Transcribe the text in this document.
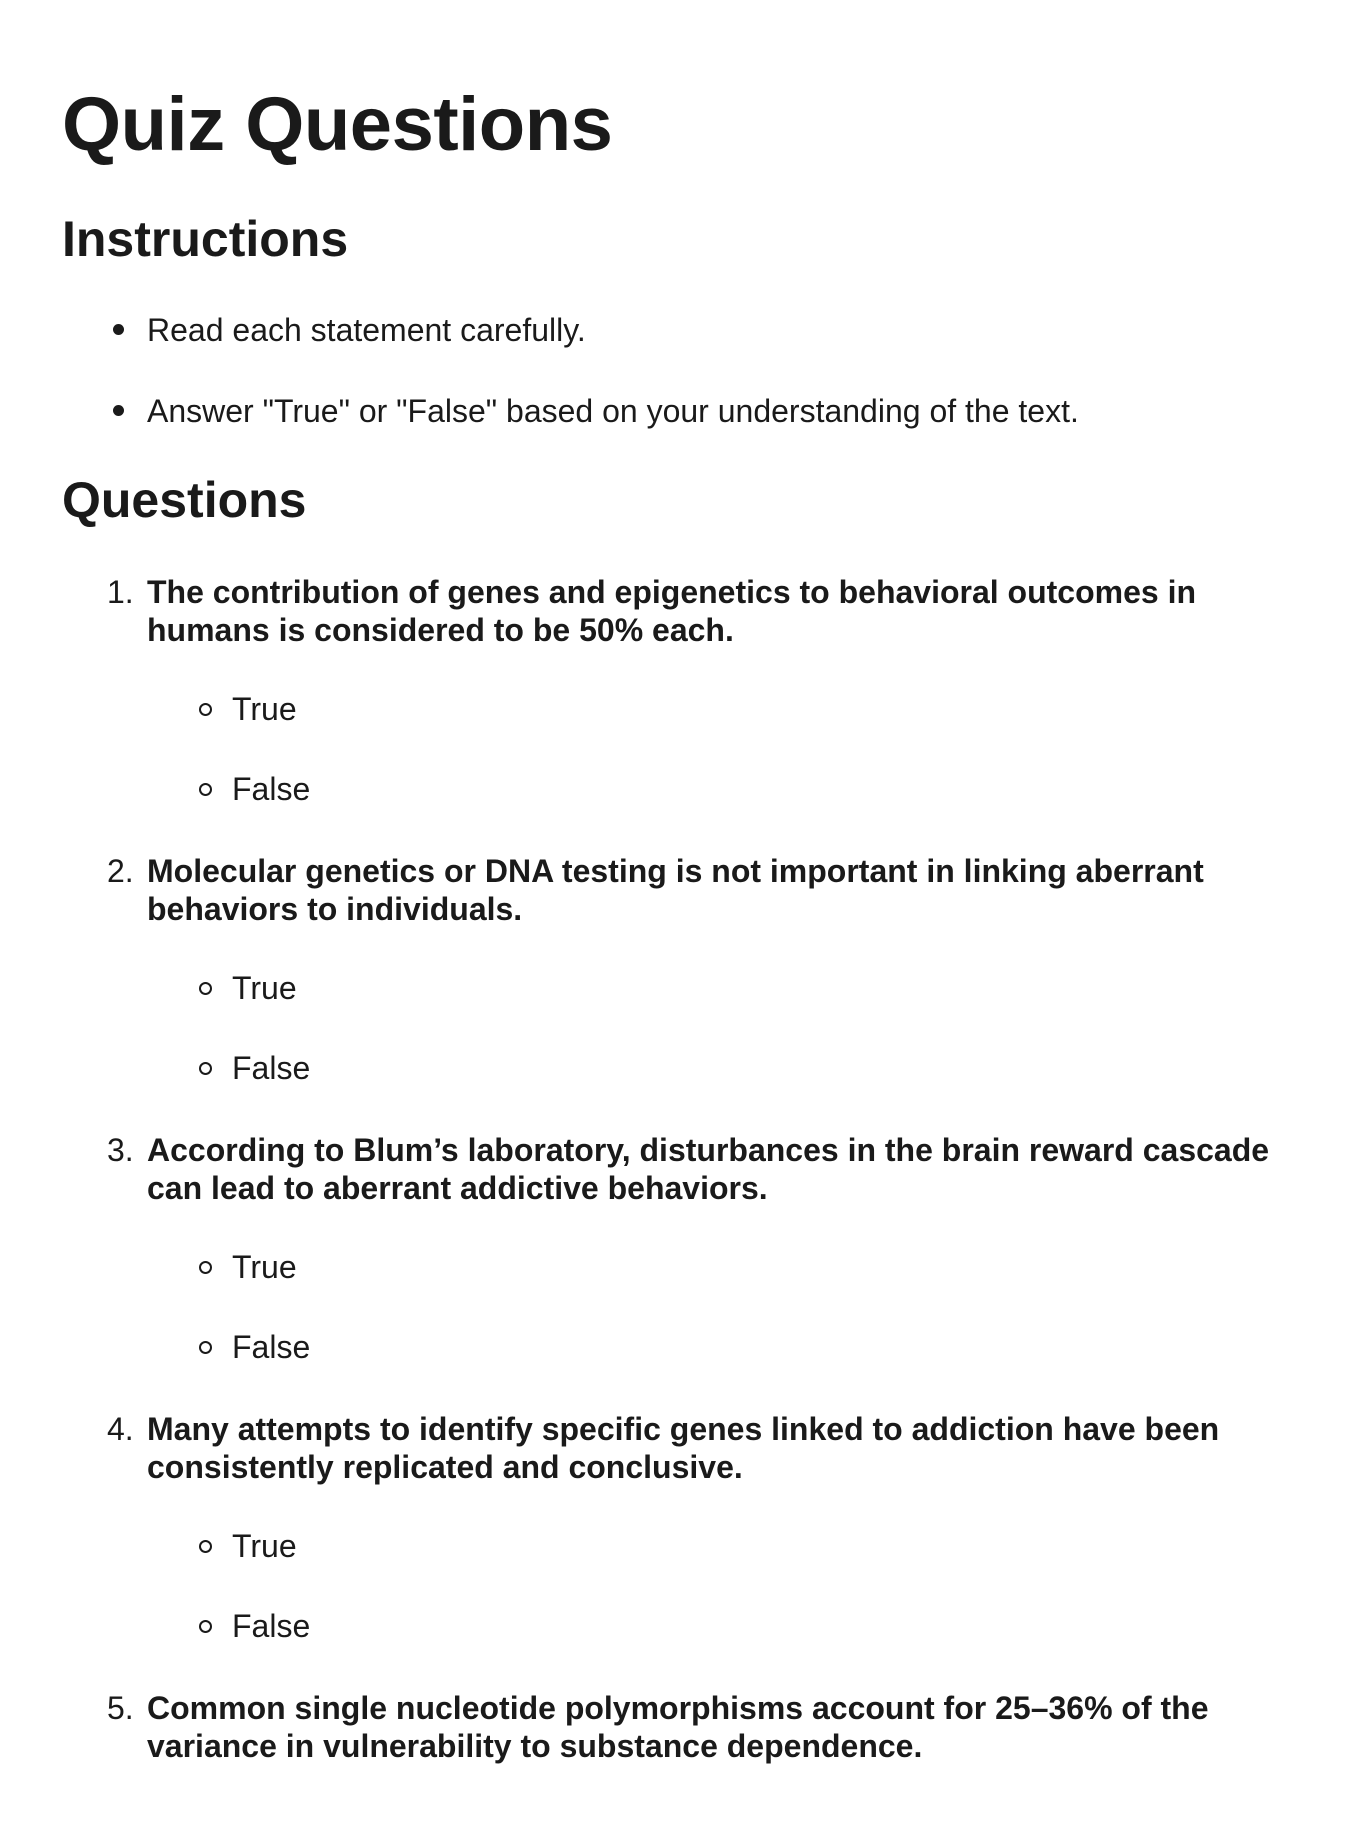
Quiz Questions
Instructions
Read each statement carefully.
Answer "True" or "False" based on your understanding of the text.
Questions
1. The contribution of genes and epigenetics to behavioral outcomes in humans is considered to be 50% each.
True
False
2. Molecular genetics or DNA testing is not important in linking aberrant behaviors to individuals.
True
False
3. According to Blum’s laboratory, disturbances in the brain reward cascade can lead to aberrant addictive behaviors.
True
False
4. Many attempts to identify specific genes linked to addiction have been consistently replicated and conclusive.
True
False
5. Common single nucleotide polymorphisms account for 25–36% of the variance in vulnerability to substance dependence.
